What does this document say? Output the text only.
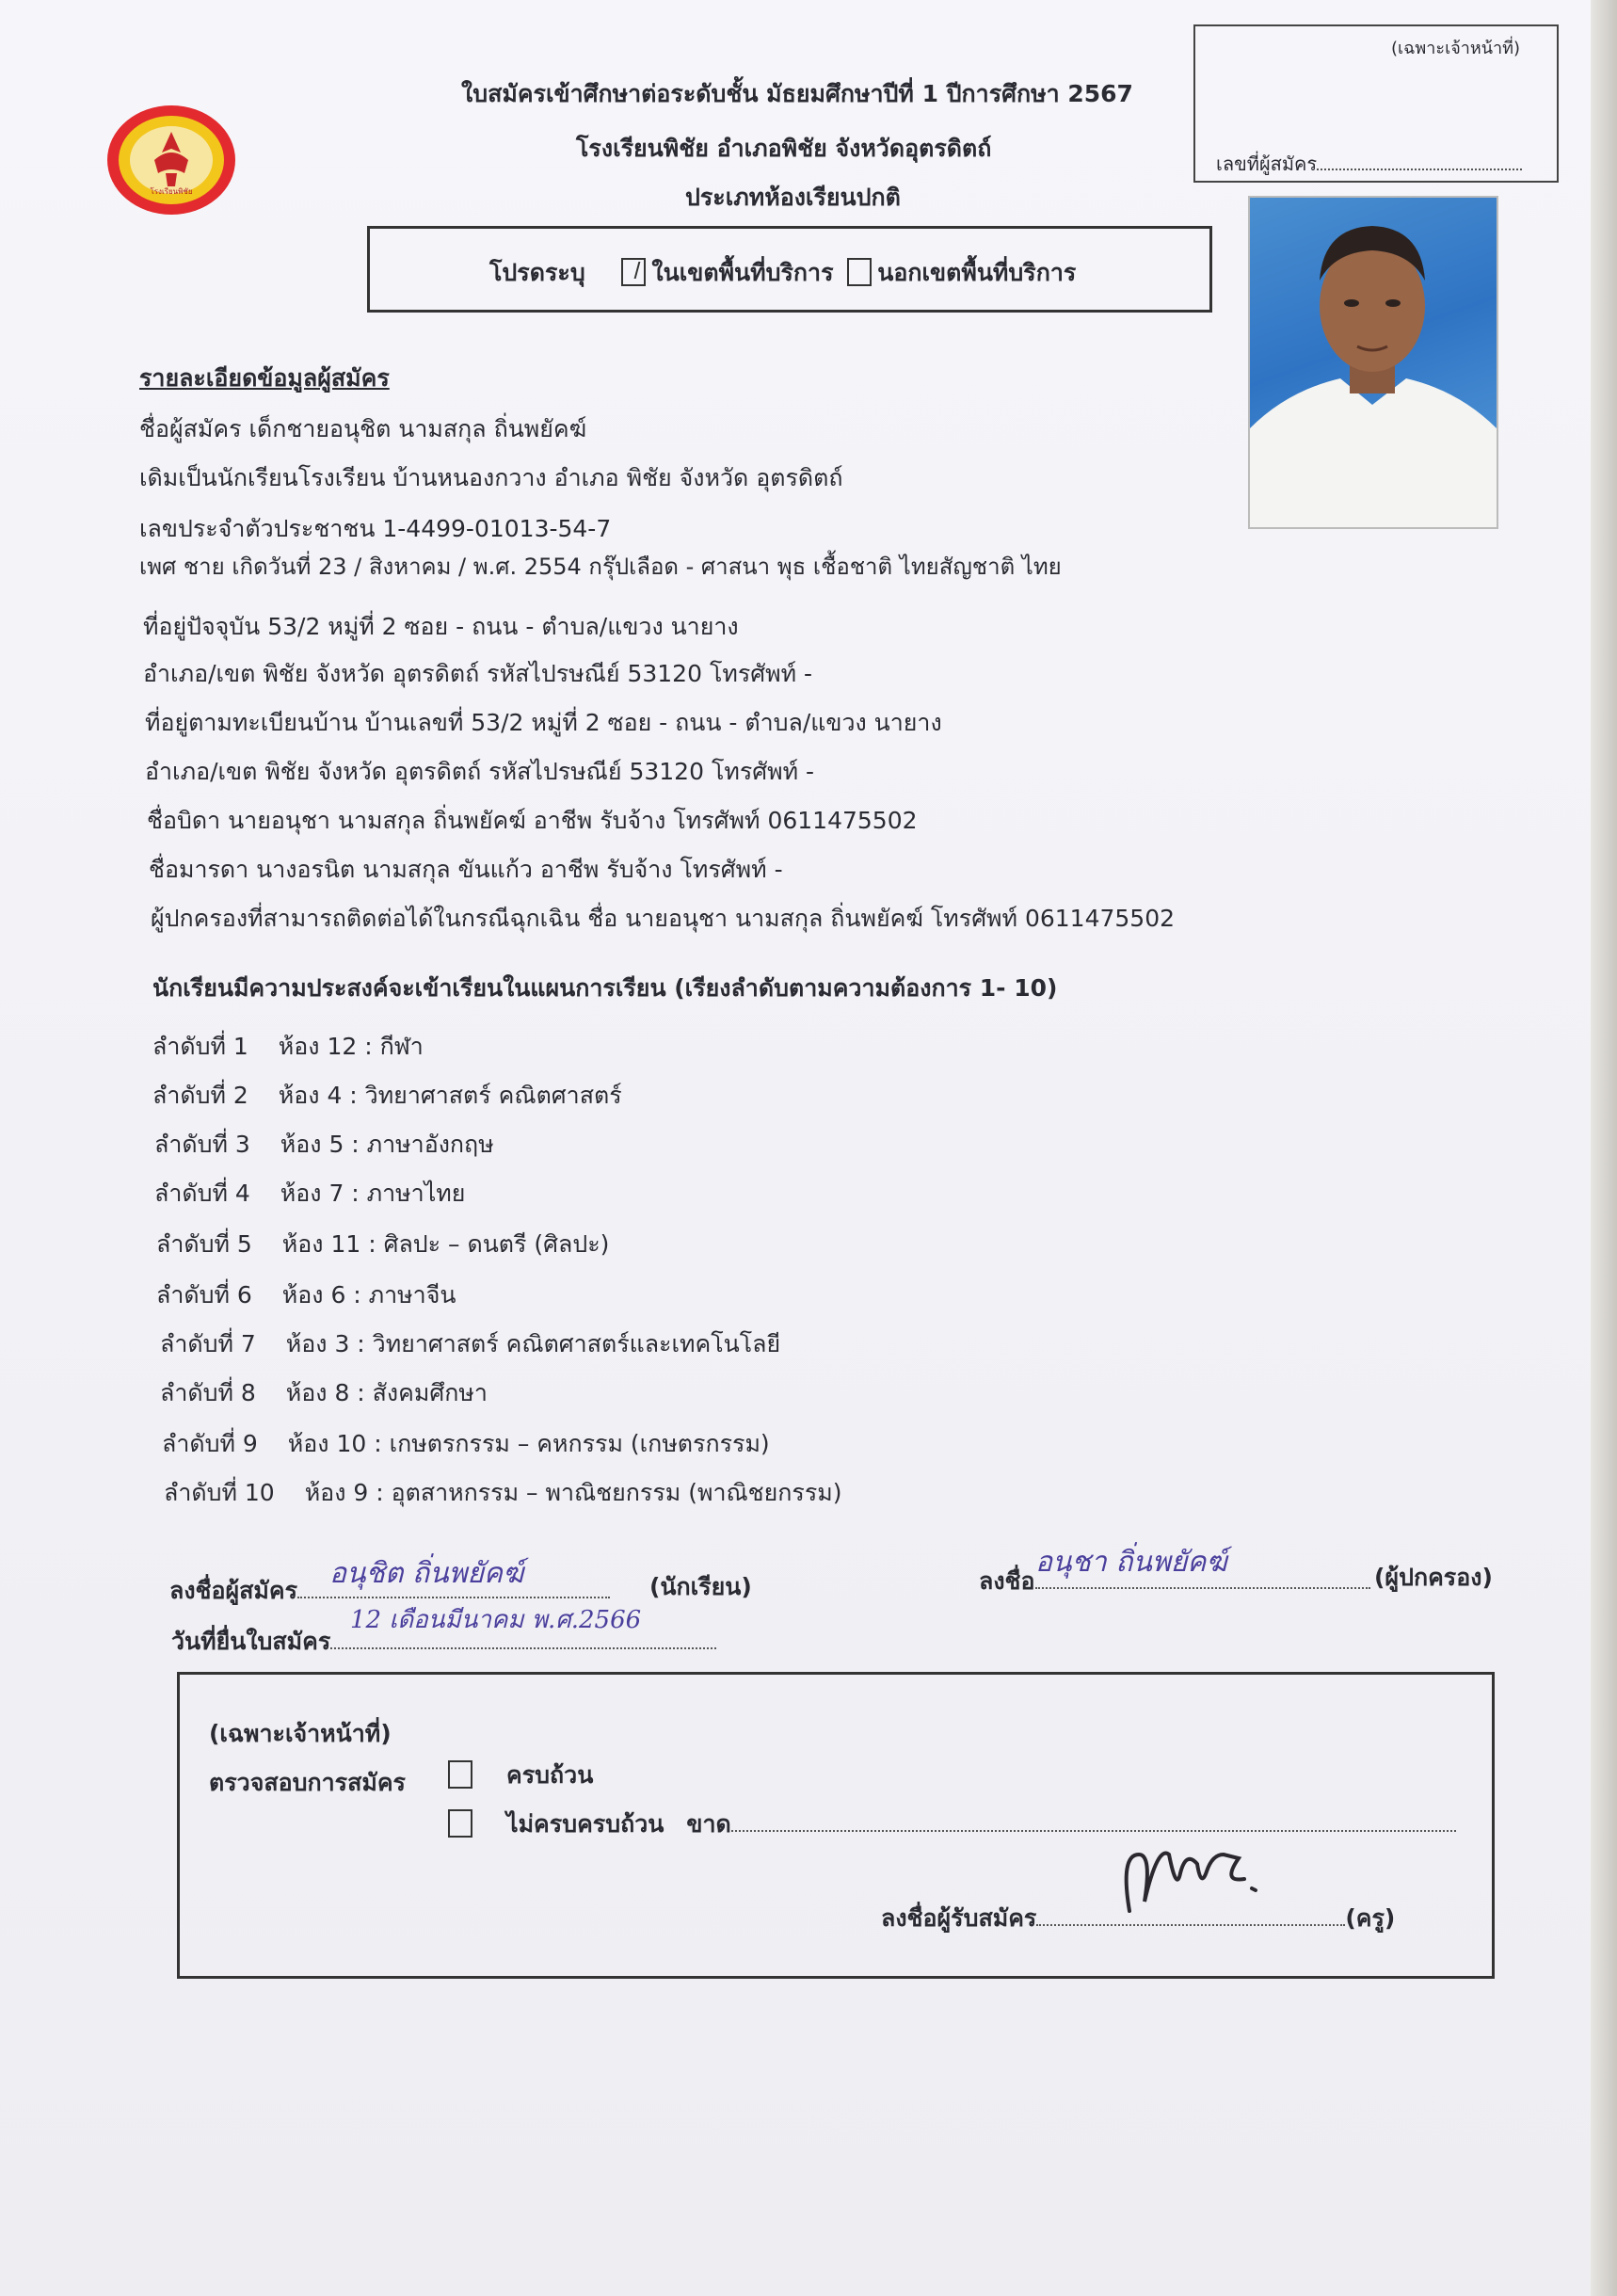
(เฉพาะเจ้าหน้าที่)
เลขที่ผู้สมัคร
โรงเรียนพิชัย
ใบสมัครเข้าศึกษาต่อระดับชั้น มัธยมศึกษาปีที่ 1 ปีการศึกษา 2567
โรงเรียนพิชัย อำเภอพิชัย จังหวัดอุตรดิตถ์
ประเภทห้องเรียนปกติ
โปรดระบุ	ในเขตพื้นที่บริการ นอกเขตพื้นที่บริการ
รายละเอียดข้อมูลผู้สมัคร
ชื่อผู้สมัคร เด็กชายอนุชิต นามสกุล ถิ่นพยัคฆ์
เดิมเป็นนักเรียนโรงเรียน บ้านหนองกวาง อำเภอ พิชัย จังหวัด อุตรดิตถ์
เลขประจำตัวประชาชน 1-4499-01013-54-7
เพศ ชาย เกิดวันที่ 23 / สิงหาคม / พ.ศ. 2554 กรุ๊ปเลือด - ศาสนา พุธ เชื้อชาติ ไทยสัญชาติ ไทย
ที่อยู่ปัจจุบัน 53/2 หมู่ที่ 2 ซอย - ถนน - ตำบล/แขวง นายาง
อำเภอ/เขต พิชัย จังหวัด อุตรดิตถ์ รหัสไปรษณีย์ 53120 โทรศัพท์ -
ที่อยู่ตามทะเบียนบ้าน บ้านเลขที่ 53/2 หมู่ที่ 2 ซอย - ถนน - ตำบล/แขวง นายาง
อำเภอ/เขต พิชัย จังหวัด อุตรดิตถ์ รหัสไปรษณีย์ 53120 โทรศัพท์ -
ชื่อบิดา นายอนุชา นามสกุล ถิ่นพยัคฆ์ อาชีพ รับจ้าง โทรศัพท์ 0611475502
ชื่อมารดา นางอรนิต นามสกุล ขันแก้ว อาชีพ รับจ้าง โทรศัพท์ -
ผู้ปกครองที่สามารถติดต่อได้ในกรณีฉุกเฉิน ชื่อ นายอนุชา นามสกุล ถิ่นพยัคฆ์ โทรศัพท์ 0611475502
นักเรียนมีความประสงค์จะเข้าเรียนในแผนการเรียน (เรียงลำดับตามความต้องการ 1- 10)
ลำดับที่ 1 ห้อง 12 : กีฬา
ลำดับที่ 2 ห้อง 4 : วิทยาศาสตร์ คณิตศาสตร์
ลำดับที่ 3 ห้อง 5 : ภาษาอังกฤษ
ลำดับที่ 4 ห้อง 7 : ภาษาไทย
ลำดับที่ 5 ห้อง 11 : ศิลปะ – ดนตรี (ศิลปะ)
ลำดับที่ 6 ห้อง 6 : ภาษาจีน
ลำดับที่ 7 ห้อง 3 : วิทยาศาสตร์ คณิตศาสตร์และเทคโนโลยี
ลำดับที่ 8 ห้อง 8 : สังคมศึกษา
ลำดับที่ 9 ห้อง 10 : เกษตรกรรม – คหกรรม (เกษตรกรรม)
ลำดับที่ 10 ห้อง 9 : อุตสาหกรรม – พาณิชยกรรม (พาณิชยกรรม)
ลงชื่อผู้สมัคร
อนุชิต ถิ่นพยัคฆ์	(นักเรียน)	ลงชื่อ
อนุชา ถิ่นพยัคฆ์	(ผู้ปกครอง)
วันที่ยื่นใบสมัคร
12 เดือนมีนาคม พ.ศ.2566
(เฉพาะเจ้าหน้าที่)
ตรวจสอบการสมัคร	ครบถ้วน
ไม่ครบครบถ้วน ขาด
ลงชื่อผู้รับสมัคร	(ครู)
